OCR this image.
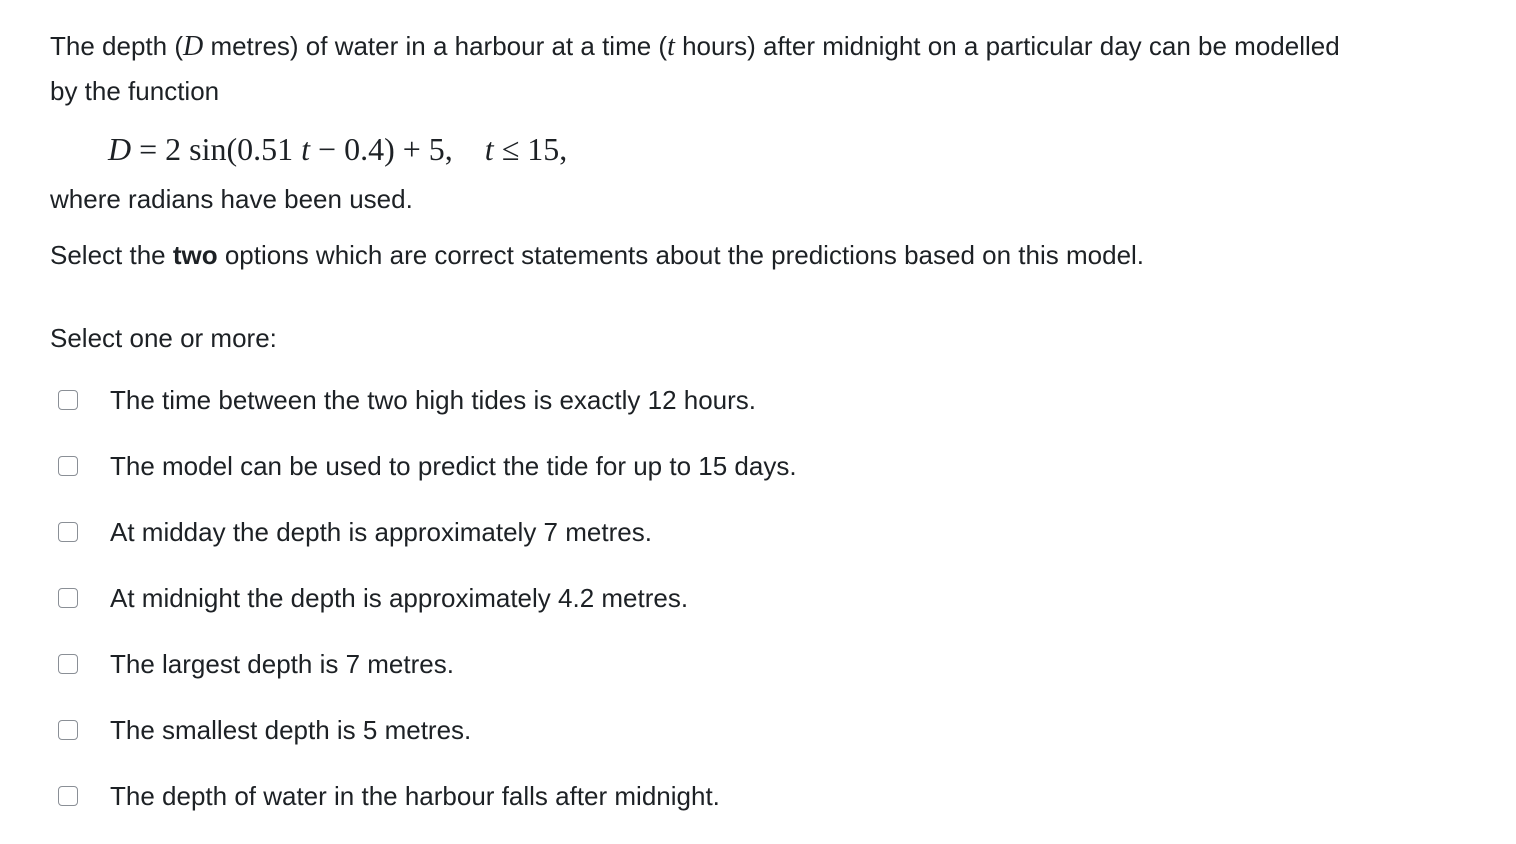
The depth (D metres) of water in a harbour at a time (t hours) after midnight on a particular day can be modelled by the function

D = 2 sin(0.51 t − 0.4) + 5, t ≤ 15,

where radians have been used.

Select the two options which are correct statements about the predictions based on this model.

Select one or more:

The time between the two high tides is exactly 12 hours.
The model can be used to predict the tide for up to 15 days.
At midday the depth is approximately 7 metres.
At midnight the depth is approximately 4.2 metres.
The largest depth is 7 metres.
The smallest depth is 5 metres.
The depth of water in the harbour falls after midnight.
